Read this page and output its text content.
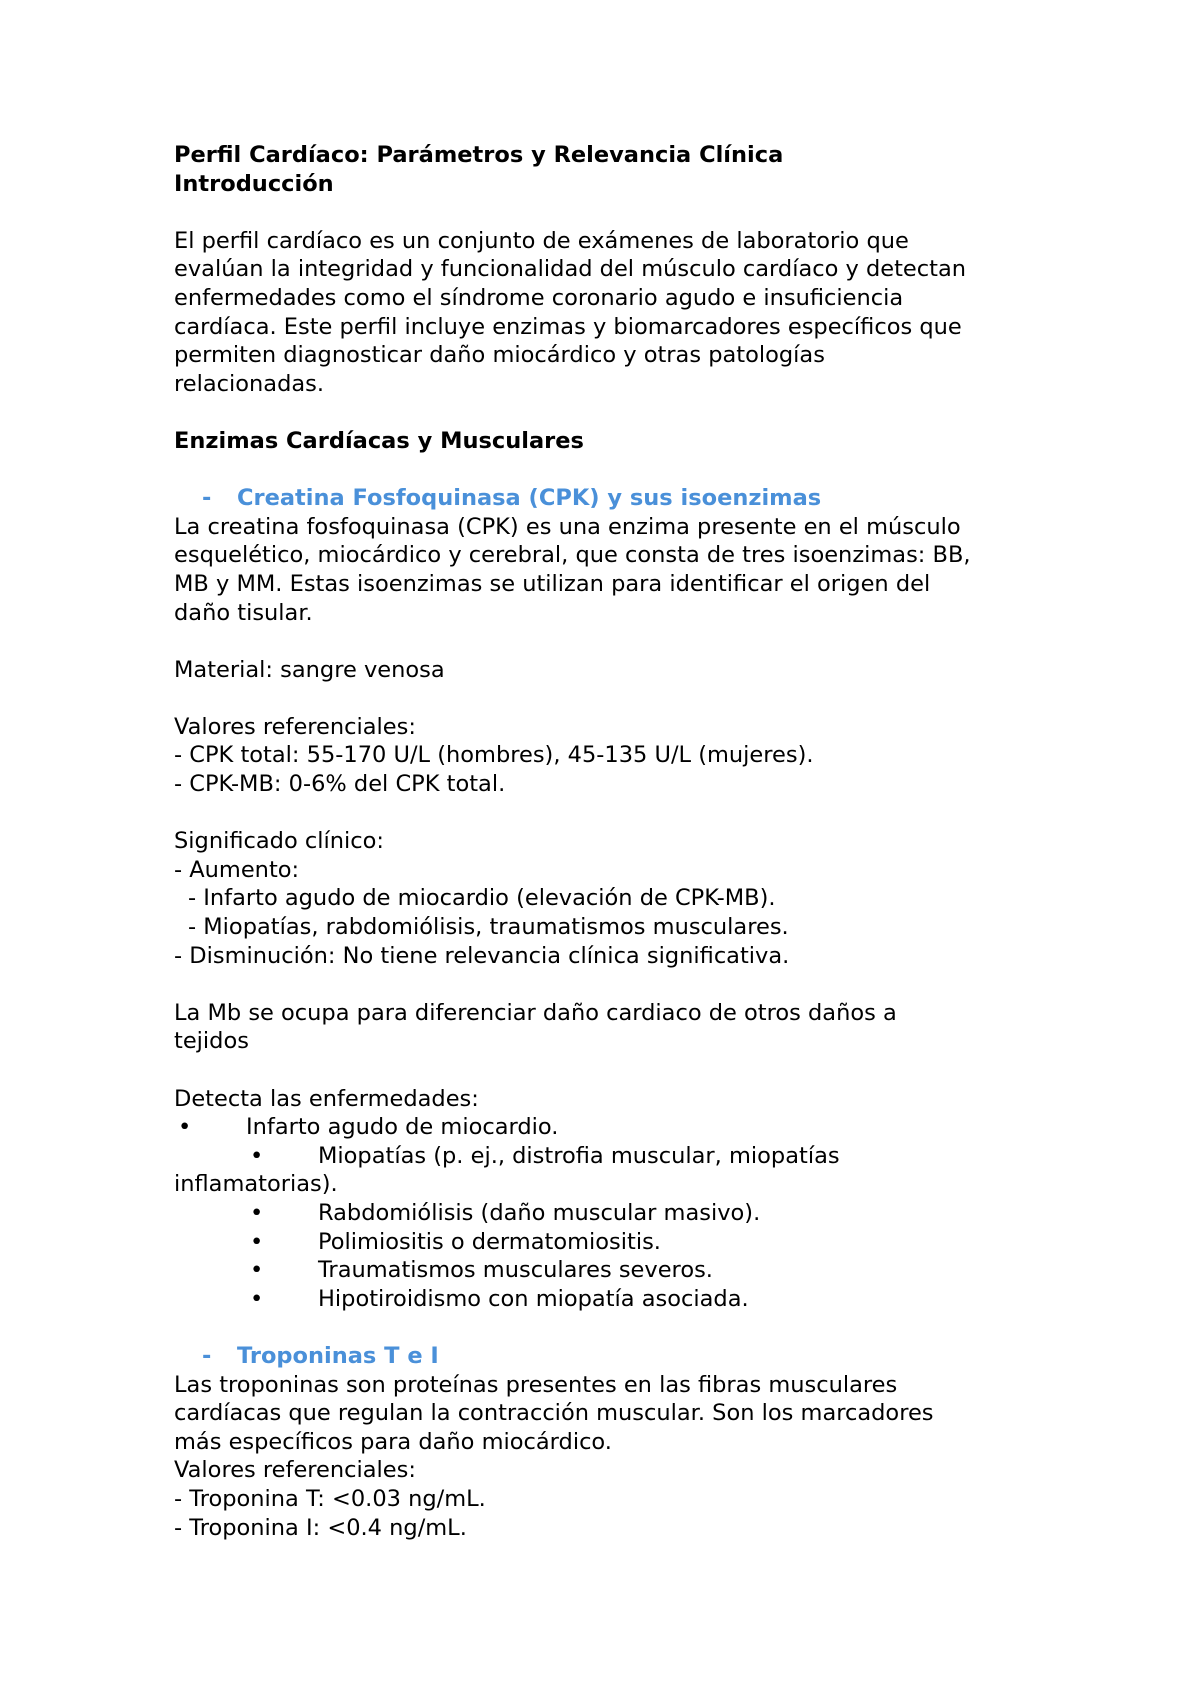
Perfil Cardíaco: Parámetros y Relevancia Clínica
Introducción
El perfil cardíaco es un conjunto de exámenes de laboratorio que
evalúan la integridad y funcionalidad del músculo cardíaco y detectan
enfermedades como el síndrome coronario agudo e insuficiencia
cardíaca. Este perfil incluye enzimas y biomarcadores específicos que
permiten diagnosticar daño miocárdico y otras patologías
relacionadas.
Enzimas Cardíacas y Musculares
- Creatina Fosfoquinasa (CPK) y sus isoenzimas
La creatina fosfoquinasa (CPK) es una enzima presente en el músculo
esquelético, miocárdico y cerebral, que consta de tres isoenzimas: BB,
MB y MM. Estas isoenzimas se utilizan para identificar el origen del
daño tisular.
Material: sangre venosa
Valores referenciales:
- CPK total: 55-170 U/L (hombres), 45-135 U/L (mujeres).
- CPK-MB: 0-6% del CPK total.
Significado clínico:
- Aumento:
- Infarto agudo de miocardio (elevación de CPK-MB).
- Miopatías, rabdomiólisis, traumatismos musculares.
- Disminución: No tiene relevancia clínica significativa.
La Mb se ocupa para diferenciar daño cardiaco de otros daños a
tejidos
Detecta las enfermedades:
• Infarto agudo de miocardio.
• Miopatías (p. ej., distrofia muscular, miopatías
inflamatorias).
• Rabdomiólisis (daño muscular masivo).
• Polimiositis o dermatomiositis.
• Traumatismos musculares severos.
• Hipotiroidismo con miopatía asociada.
- Troponinas T e I
Las troponinas son proteínas presentes en las fibras musculares
cardíacas que regulan la contracción muscular. Son los marcadores
más específicos para daño miocárdico.
Valores referenciales:
- Troponina T: <0.03 ng/mL.
- Troponina I: <0.4 ng/mL.
